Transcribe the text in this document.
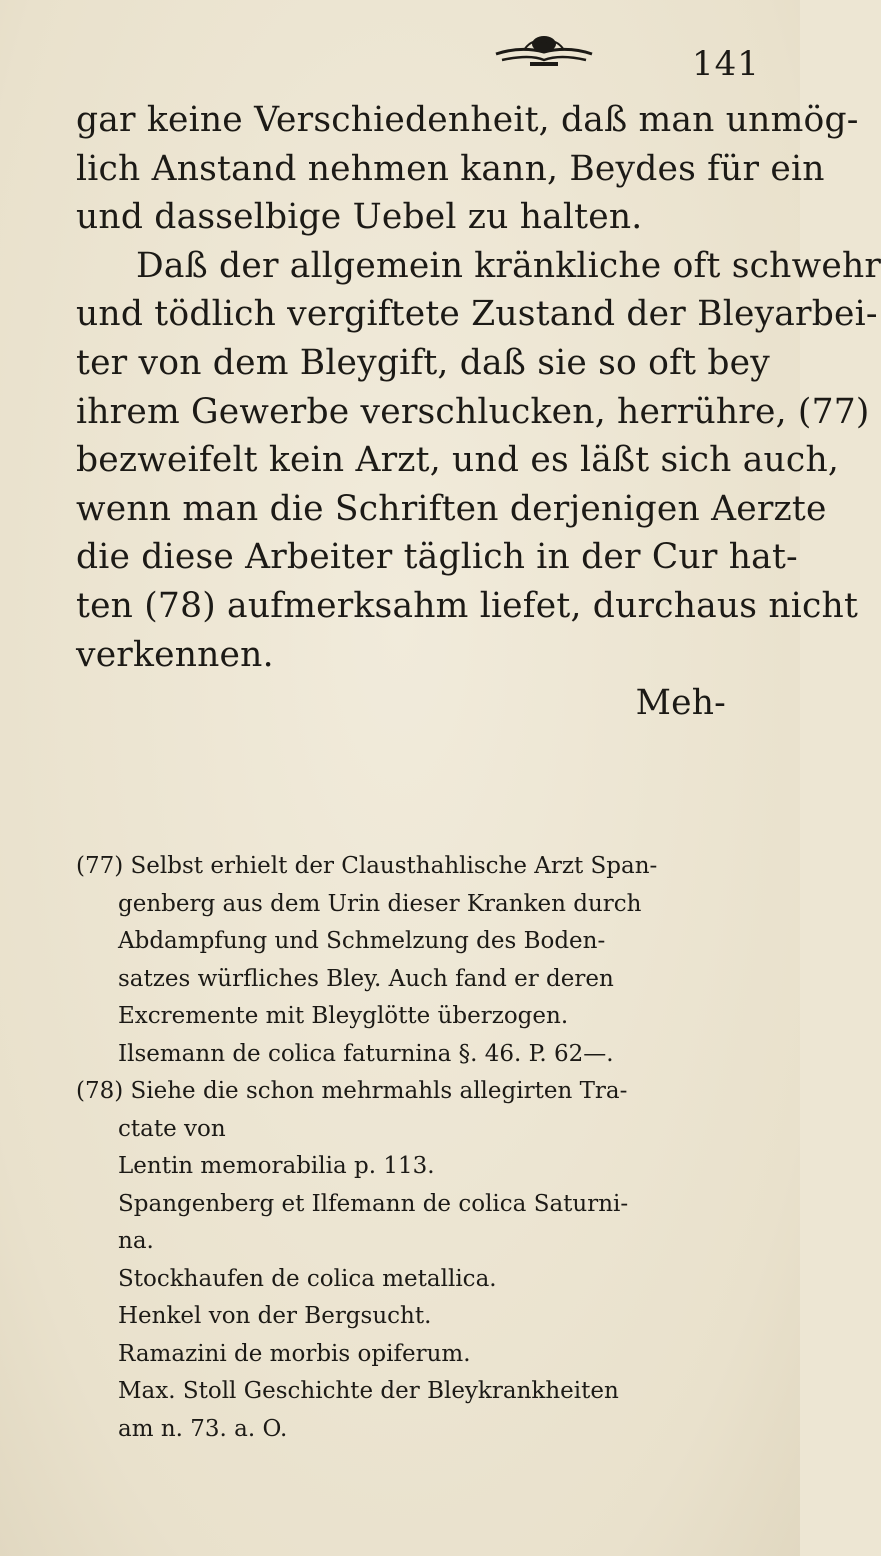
141
gar keine Verschiedenheit, daß man unmög-
lich Anstand nehmen kann, Beydes für ein
und dasselbige Uebel zu halten.
Daß der allgemein kränkliche oft schwehr
und tödlich vergiftete Zustand der Bleyarbei-
ter von dem Bleygift, daß sie so oft bey
ihrem Gewerbe verschlucken, herrühre, (77)
bezweifelt kein Arzt, und es läßt sich auch,
wenn man die Schriften derjenigen Aerzte
die diese Arbeiter täglich in der Cur hat-
ten (78) aufmerksahm liefet, durchaus nicht
verkennen.
Meh-
(77) Selbst erhielt der Clausthahlische Arzt Span-
genberg aus dem Urin dieser Kranken durch
Abdampfung und Schmelzung des Boden-
satzes würfliches Bley. Auch fand er deren
Excremente mit Bleyglötte überzogen.
Ilsemann de colica faturnina §. 46. P. 62—.
(78) Siehe die schon mehrmahls allegirten Tra-
ctate von
Lentin memorabilia p. 113.
Spangenberg et Ilfemann de colica Saturni-
na.
Stockhaufen de colica metallica.
Henkel von der Bergsucht.
Ramazini de morbis opiferum.
Max. Stoll Geschichte der Bleykrankheiten
am n. 73. a. O.
